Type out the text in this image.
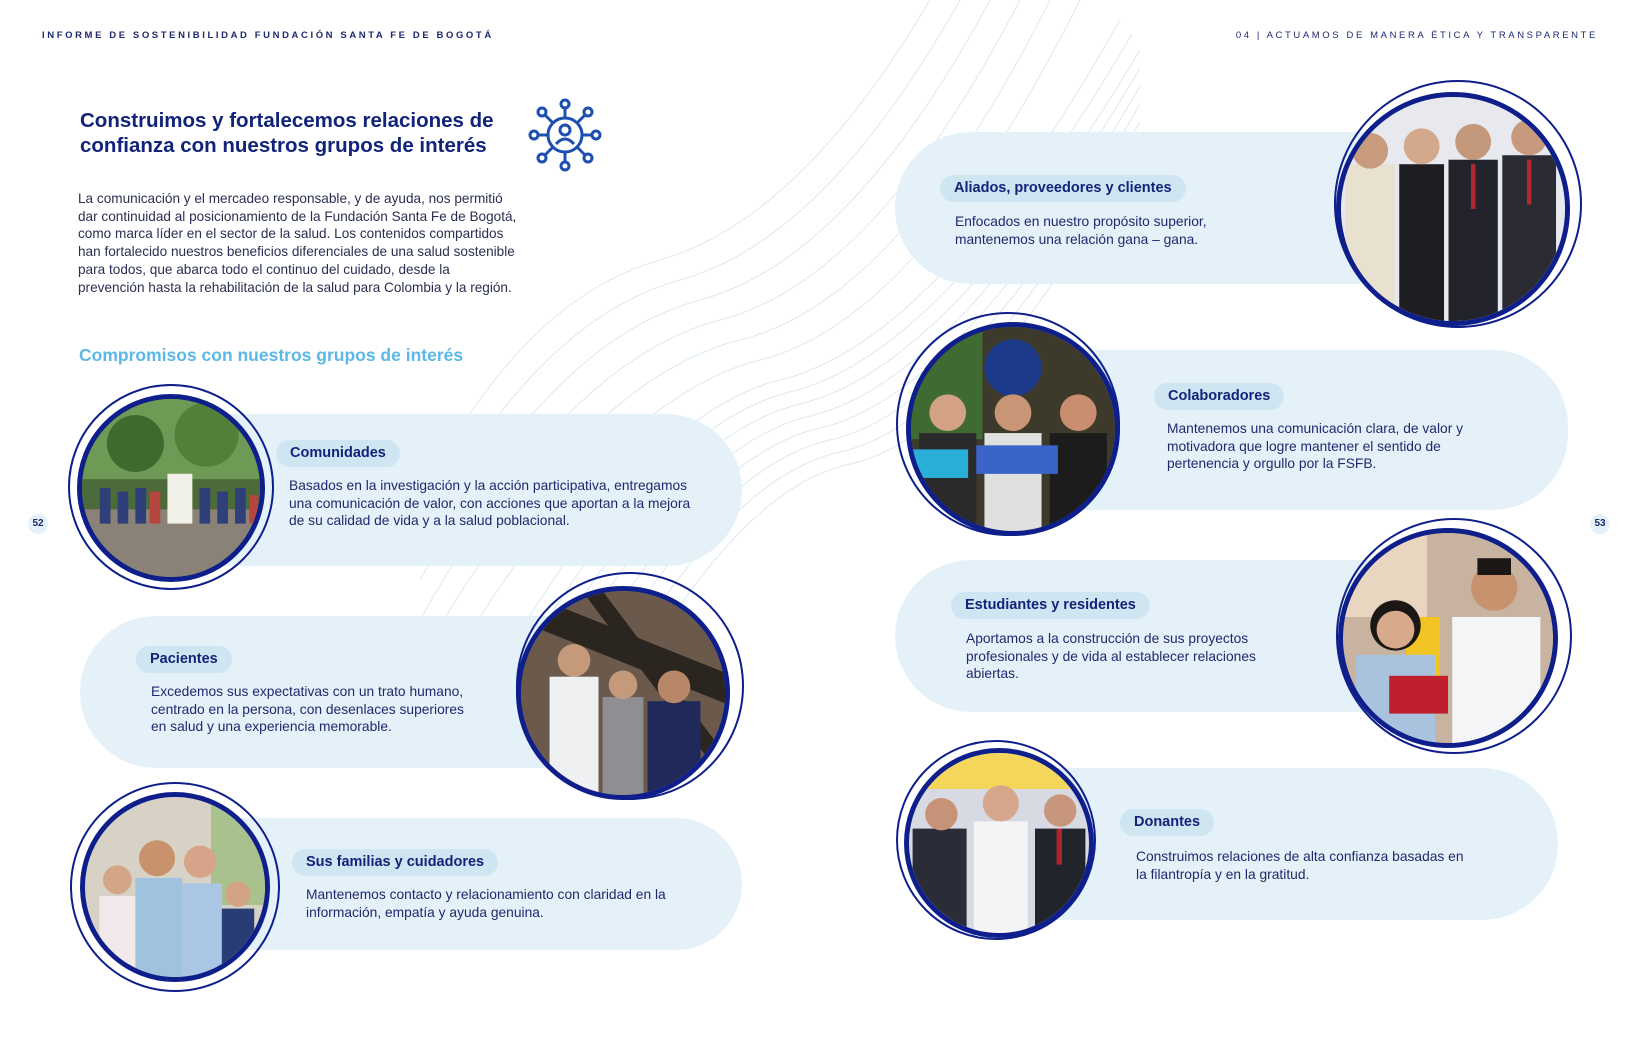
INFORME DE SOSTENIBILIDAD FUNDACIÓN SANTA FE DE BOGOTÁ	04 | ACTUAMOS DE MANERA ÉTICA Y TRANSPARENTE
52	53
Construimos y fortalecemos relaciones de confianza con nuestros grupos de interés

La comunicación y el mercadeo responsable, y de ayuda, nos permitió dar continuidad al posicionamiento de la Fundación Santa Fe de Bogotá, como marca líder en el sector de la salud. Los contenidos compartidos han fortalecido nuestros beneficios diferenciales de una salud sostenible para todos, que abarca todo el continuo del cuidado, desde la prevención hasta la rehabilitación de la salud para Colombia y la región.

Compromisos con nuestros grupos de interés
Comunidades

Basados en la investigación y la acción participativa, entregamos una comunicación de valor, con acciones que aportan a la mejora de su calidad de vida y a la salud poblacional.

Pacientes

Excedemos sus expectativas con un trato humano, centrado en la persona, con desenlaces superiores en salud y una experiencia memorable.

Sus familias y cuidadores

Mantenemos contacto y relacionamiento con claridad en la información, empatía y ayuda genuina.

Aliados, proveedores y clientes

Enfocados en nuestro propósito superior, mantenemos una relación gana – gana.

Colaboradores

Mantenemos una comunicación clara, de valor y motivadora que logre mantener el sentido de pertenencia y orgullo por la FSFB.

Estudiantes y residentes

Aportamos a la construcción de sus proyectos profesionales y de vida al establecer relaciones abiertas.

Donantes

Construimos relaciones de alta confianza basadas en la filantropía y en la gratitud.
